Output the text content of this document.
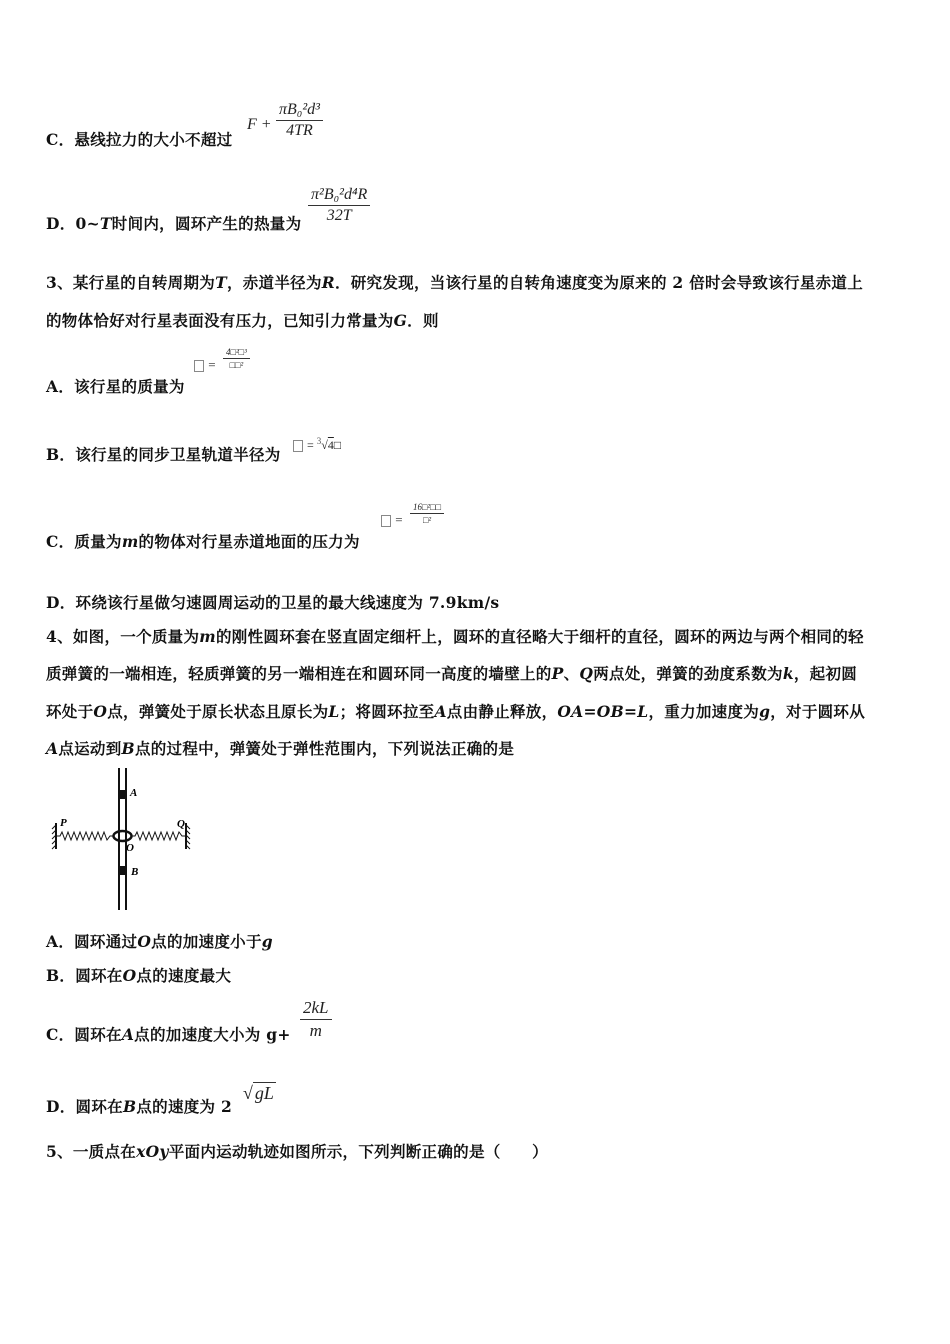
C．悬线拉力的大小不超过
$F + \frac{\text{πB₀²d³}}{4TR}$
D．0~T时间内，圆环产生的热量为 $\frac{\text{π²B₀²d⁴R}}{32T}$
3、某行星的自转周期为T，赤道半径为R．研究发现，当该行星的自转角速度变为原来的 2 倍时会导致该行星赤道上
的物体恰好对行星表面没有压力，已知引力常量为G．则
A．该行星的质量为
=
4□²□³
□□²
B．该行星的同步卫星轨道半径为	= $^3$√4□
C．质量为m的物体对行星赤道地面的压力为
=
16□²□□
□²
D．环绕该行星做匀速圆周运动的卫星的最大线速度为 7.9km/s
4、如图，一个质量为m的刚性圆环套在竖直固定细杆上，圆环的直径略大于细杆的直径，圆环的两边与两个相同的轻
质弹簧的一端相连，轻质弹簧的另一端相连在和圆环同一高度的墙壁上的P、Q两点处，弹簧的劲度系数为k，起初圆
环处于O点，弹簧处于原长状态且原长为L；将圆环拉至A点由静止释放，OA=OB=L，重力加速度为g，对于圆环从
A点运动到B点的过程中，弹簧处于弹性范围内，下列说法正确的是
P	Q
A
O
B
A．圆环通过O点的加速度小于g
B．圆环在O点的速度最大
C．圆环在A点的加速度大小为 $g+ \frac{2kL}{m}$
D．圆环在B点的速度为 2
√ gL
5、一质点在xOy平面内运动轨迹如图所示，下列判断正确的是（　　）
